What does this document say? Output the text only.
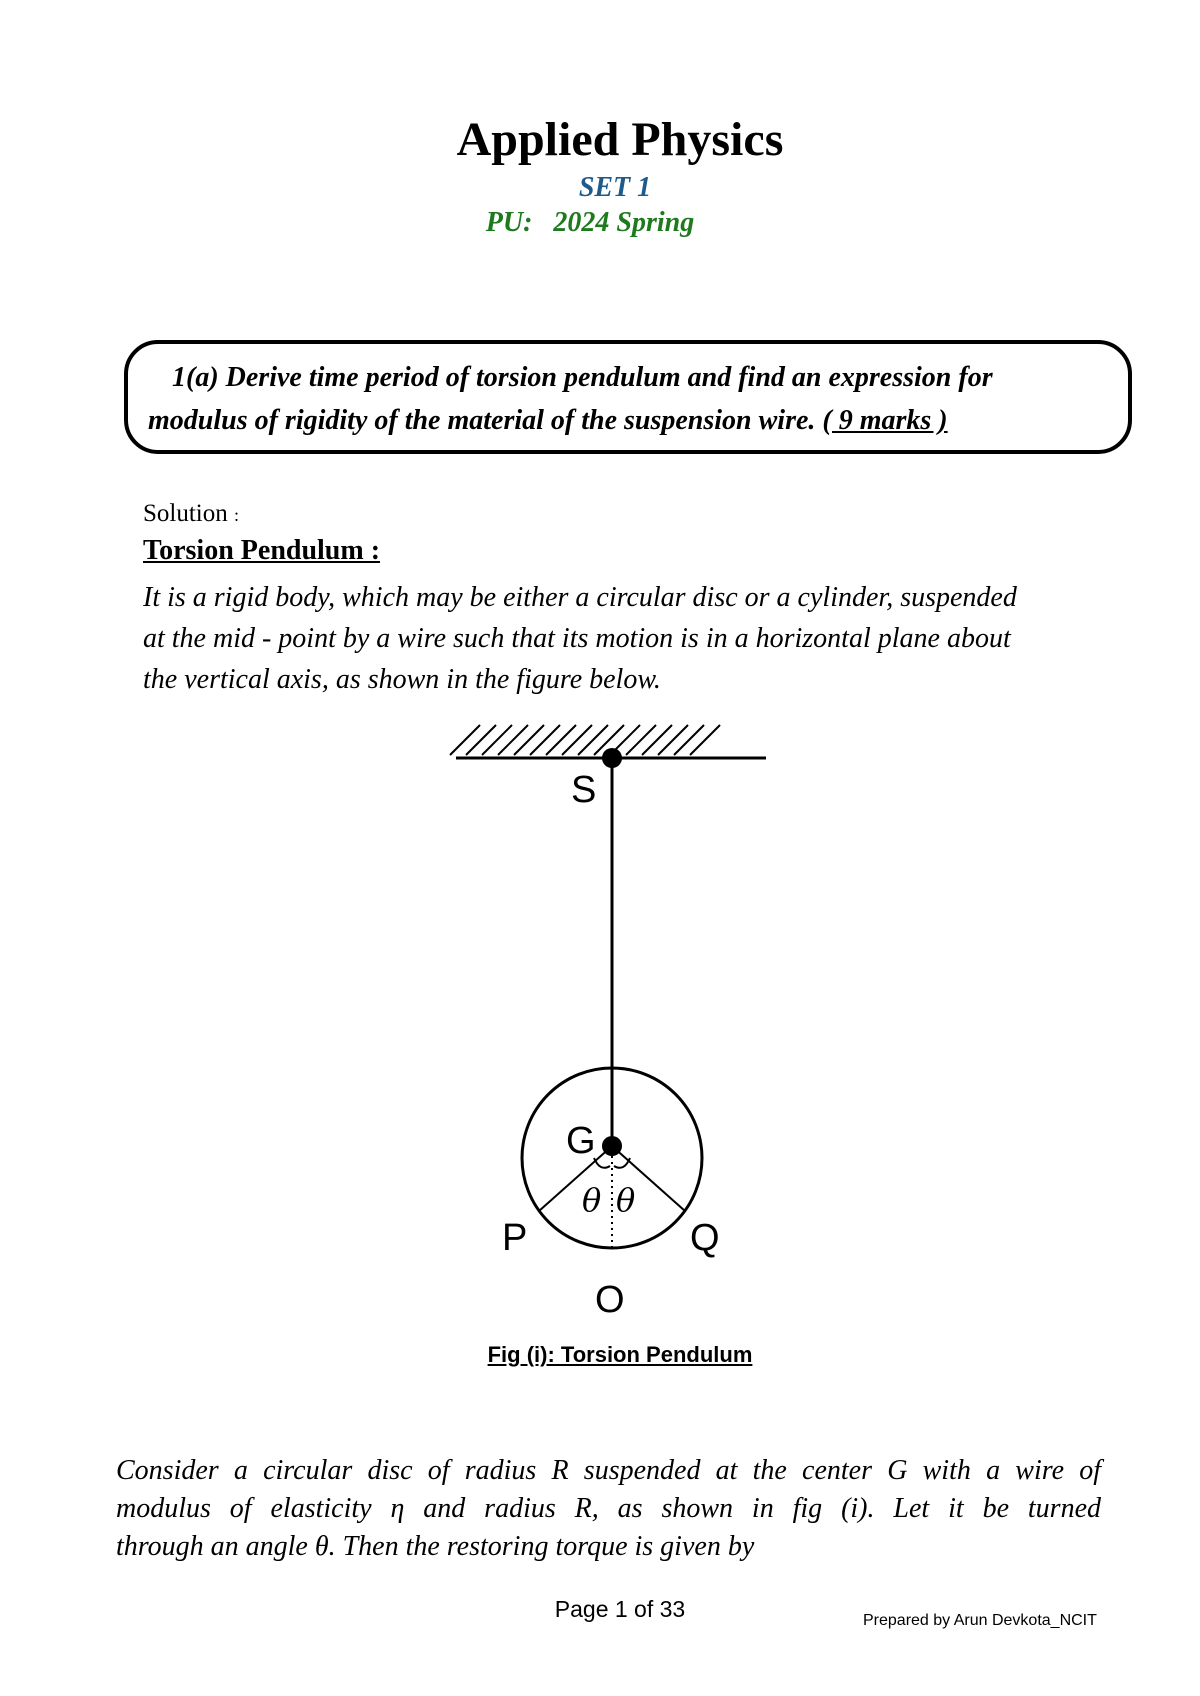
Applied Physics
SET 1
PU:   2024 Spring
1(a) Derive time period of torsion pendulum and find an expression for
modulus of rigidity of the material of the suspension wire. ( 9 marks )
Solution :
Torsion Pendulum :
It is a rigid body, which may be either a circular disc or a cylinder, suspended
at the mid - point by a wire such that its motion is in a horizontal plane about
the vertical axis, as shown in the figure below.
S
G
θ θ
P	Q
O
Fig (i): Torsion Pendulum
Consider a circular disc of radius R suspended at the center G with a wire of
modulus of elasticity η and radius R, as shown in fig (i). Let it be turned
through an angle θ. Then the restoring torque is given by
Page 1 of 33	Prepared by Arun Devkota_NCIT
